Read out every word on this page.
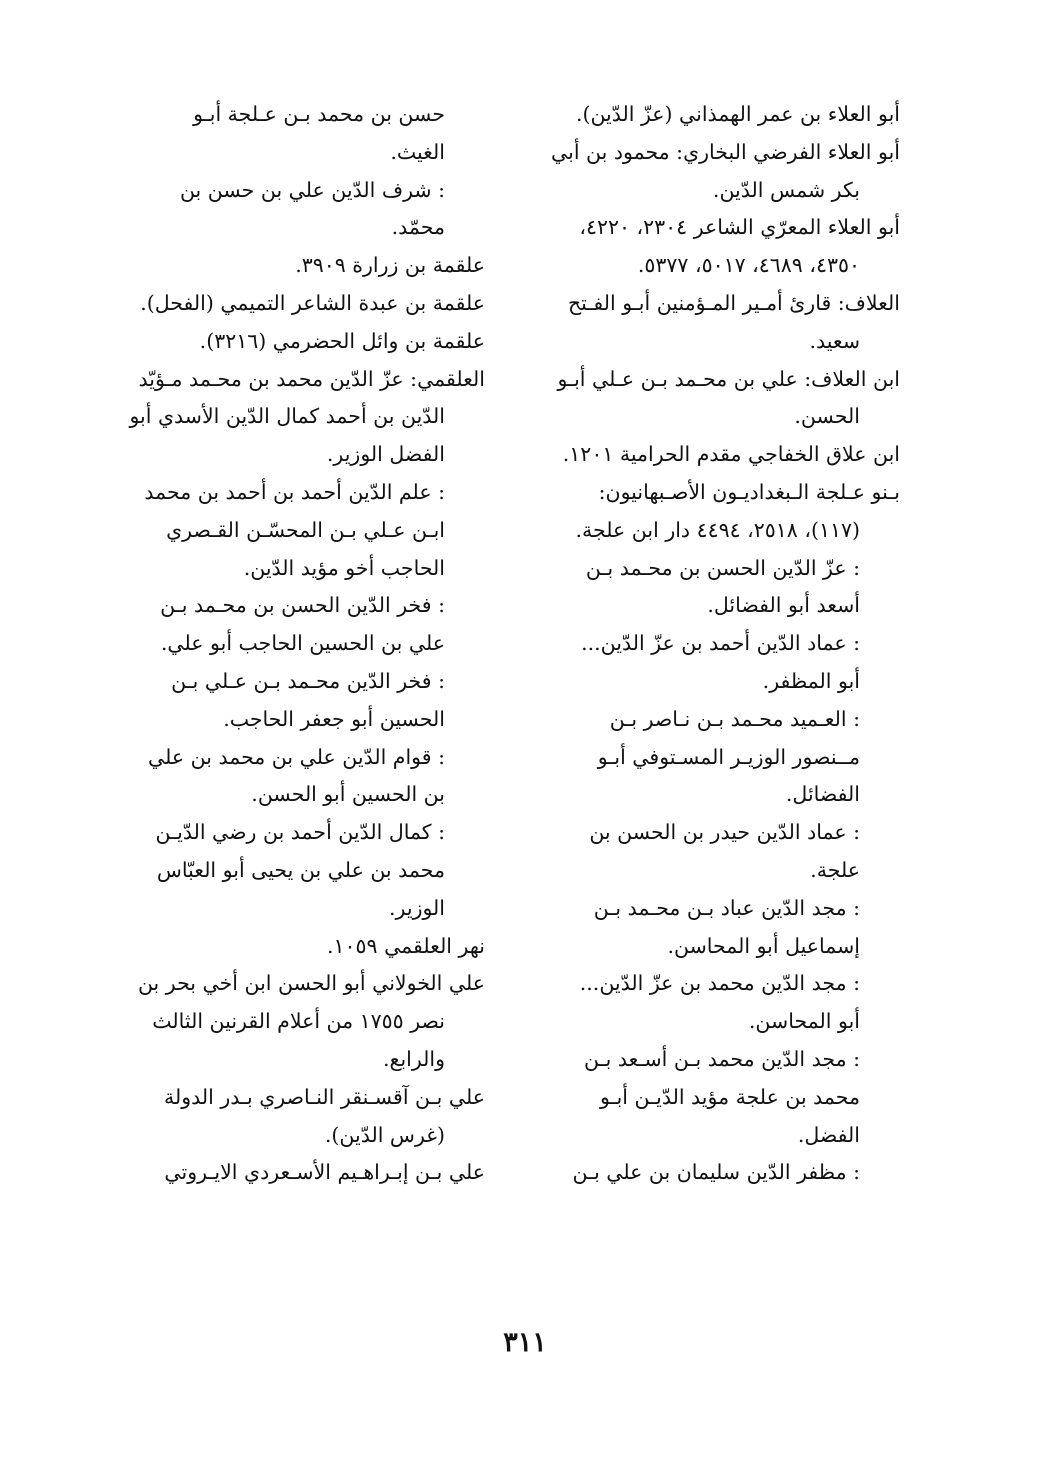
أبو العلاء بن عمر الهمذاني (عزّ الدّين).
أبو العلاء الفرضي البخاري: محمود بن أبي
بكر شمس الدّين.
أبو العلاء المعرّي الشاعر ٢٣٠٤، ٤٢٢٠،
٤٣٥٠، ٤٦٨٩، ٥٠١٧، ٥٣٧٧.
العلاف: قارئ أمـير المـؤمنين أبـو الفـتح
سعيد.
ابن العلاف: علي بن محـمد بـن عـلي أبـو
الحسن.
ابن علاق الخفاجي مقدم الحرامية ١٢٠١.
بـنو عـلجة الـبغداديـون الأصـبهانيون:
(١١٧)، ٢٥١٨، ٤٤٩٤ دار ابن علجة.
: عزّ الدّين الحسن بن محـمد بـن
أسعد أبو الفضائل.
: عماد الدّين أحمد بن عزّ الدّين...
أبو المظفر.
: العـميد محـمد بـن نـاصر بـن
مــنصور الوزيـر المسـتوفي أبـو
الفضائل.
: عماد الدّين حيدر بن الحسن بن
علجة.
: مجد الدّين عباد بـن محـمد بـن
إسماعيل أبو المحاسن.
: مجد الدّين محمد بن عزّ الدّين...
أبو المحاسن.
: مجد الدّين محمد بـن أسـعد بـن
محمد بن علجة مؤيد الدّيـن أبـو
الفضل.
: مظفر الدّين سليمان بن علي بـن
حسن بن محمد بـن عـلجة أبـو
الغيث.
: شرف الدّين علي بن حسن بن
محمّد.
علقمة بن زرارة ٣٩٠٩.
علقمة بن عبدة الشاعر التميمي (الفحل).
علقمة بن وائل الحضرمي (٣٢١٦).
العلقمي: عزّ الدّين محمد بن محـمد مـؤيّد
الدّين بن أحمد كمال الدّين الأسدي أبو
الفضل الوزير.
: علم الدّين أحمد بن أحمد بن محمد
ابـن عـلي بـن المحسّـن القـصري
الحاجب أخو مؤيد الدّين.
: فخر الدّين الحسن بن محـمد بـن
علي بن الحسين الحاجب أبو علي.
: فخر الدّين محـمد بـن عـلي بـن
الحسين أبو جعفر الحاجب.
: قوام الدّين علي بن محمد بن علي
بن الحسين أبو الحسن.
: كمال الدّين أحمد بن رضي الدّيـن
محمد بن علي بن يحيى أبو العبّاس
الوزير.
نهر العلقمي ١٠٥٩.
علي الخولاني أبو الحسن ابن أخي بحر بن
نصر ١٧٥٥ من أعلام القرنين الثالث
والرابع.
علي بـن آقسـنقر النـاصري بـدر الدولة
(غرس الدّين).
علي بـن إبـراهـيم الأسـعردي الايـروتي
٣١١
